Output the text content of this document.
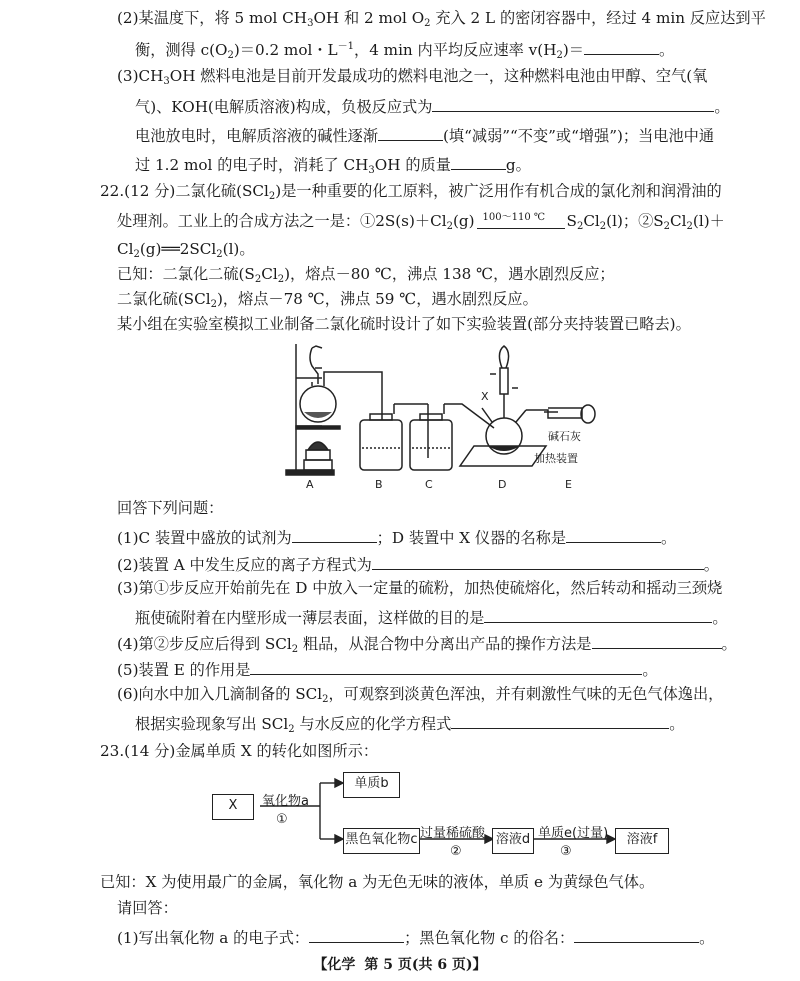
(2)某温度下，将 5 mol $CH_3OH$ 和 2 mol $O_2$ 充入 2 L 的密闭容器中，经过 4 min 反应达到平
衡，测得 $c(O_2)=0.2$ mol・$L^{-1}$，4 min 内平均反应速率 $v(H_2)=$	。
$(3)CH_3OH$ 燃料电池是目前开发最成功的燃料电池之一，这种燃料电池由甲醇、空气(氧
气)、KOH(电解质溶液)构成，负极反应式为	。
电池放电时，电解质溶液的碱性逐渐	(填“减弱”“不变”或“增强”)；当电池中通
过 1.2 mol 的电子时，消耗了 $CH_3OH$ 的质量	g。
22.(12 分)二氯化硫(SCl$_2$)是一种重要的化工原料，被广泛用作有机合成的氯化剂和润滑油的
处理剂。工业上的合成方法之一是：$①2S(s)+Cl_2(g)$ 100～110 ℃ $S_2Cl_2(l)$；$②S_2Cl_2(l)+$
$Cl_2(g)══2SCl_2(l)$。
已知：二氯化二硫$(S_2Cl_2)$，熔点－80 ℃，沸点 138 ℃，遇水剧烈反应；
二氯化硫(SCl$_2$)，熔点－78 ℃，沸点 59 ℃，遇水剧烈反应。
某小组在实验室模拟工业制备二氯化硫时设计了如下实验装置(部分夹持装置已略去)。
A	B	C	D	E
X
碱石灰
加热装置
回答下列问题：
(1)C 装置中盛放的试剂为	；D 装置中 X 仪器的名称是	。
(2)装置 A 中发生反应的离子方程式为	。
(3)第①步反应开始前先在 D 中放入一定量的硫粉，加热使硫熔化，然后转动和摇动三颈烧
瓶使硫附着在内壁形成一薄层表面，这样做的目的是	。
(4)第②步反应后得到 SCl$_2$ 粗品，从混合物中分离出产品的操作方法是	。
(5)装置 E 的作用是	。
(6)向水中加入几滴制备的 SCl$_2$，可观察到淡黄色浑浊，并有刺激性气味的无色气体逸出，
根据实验现象写出 SCl$_2$ 与水反应的化学方程式	。
23.(14 分)金属单质 X 的转化如图所示：
X	氧化物a
①
单质b
黑色氧化物c 过量稀硫酸
②
溶液d 单质e(过量)
③
溶液f
已知：X 为使用最广的金属，氧化物 a 为无色无味的液体，单质 e 为黄绿色气体。
请回答：
(1)写出氧化物 a 的电子式：	；黑色氧化物 c 的俗名：	。
【化学 第 5 页(共 6 页)】
